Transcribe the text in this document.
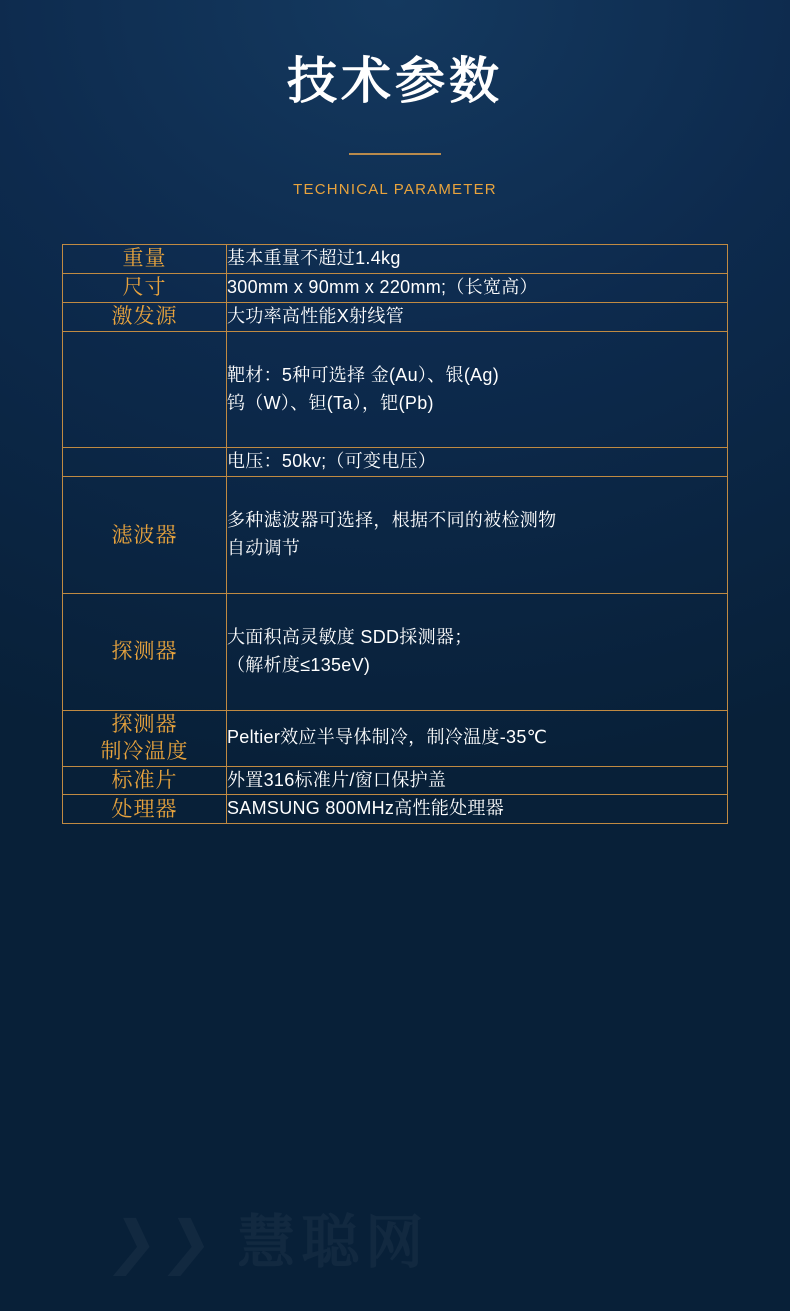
技术参数
TECHNICAL PARAMETER
重量	基本重量不超过1.4kg

尺寸	300mm x 90mm x 220mm;（长宽高）

激发源	大功率高性能X射线管

	靶材：5种可选择 金(Au）、银(Ag)
钨（W）、钽(Ta），钯(Pb)

	电压：50kv;（可变电压）

滤波器	多种滤波器可选择，根据不同的被检测物
自动调节

探测器	大面积高灵敏度 SDD採测器；
（解析度≤135eV)

探测器
制冷温度	Peltier效应半导体制冷，制冷温度-35℃

标准片	外置316标准片/窗口保护盖

处理器	SAMSUNG 800MHz高性能处理器
